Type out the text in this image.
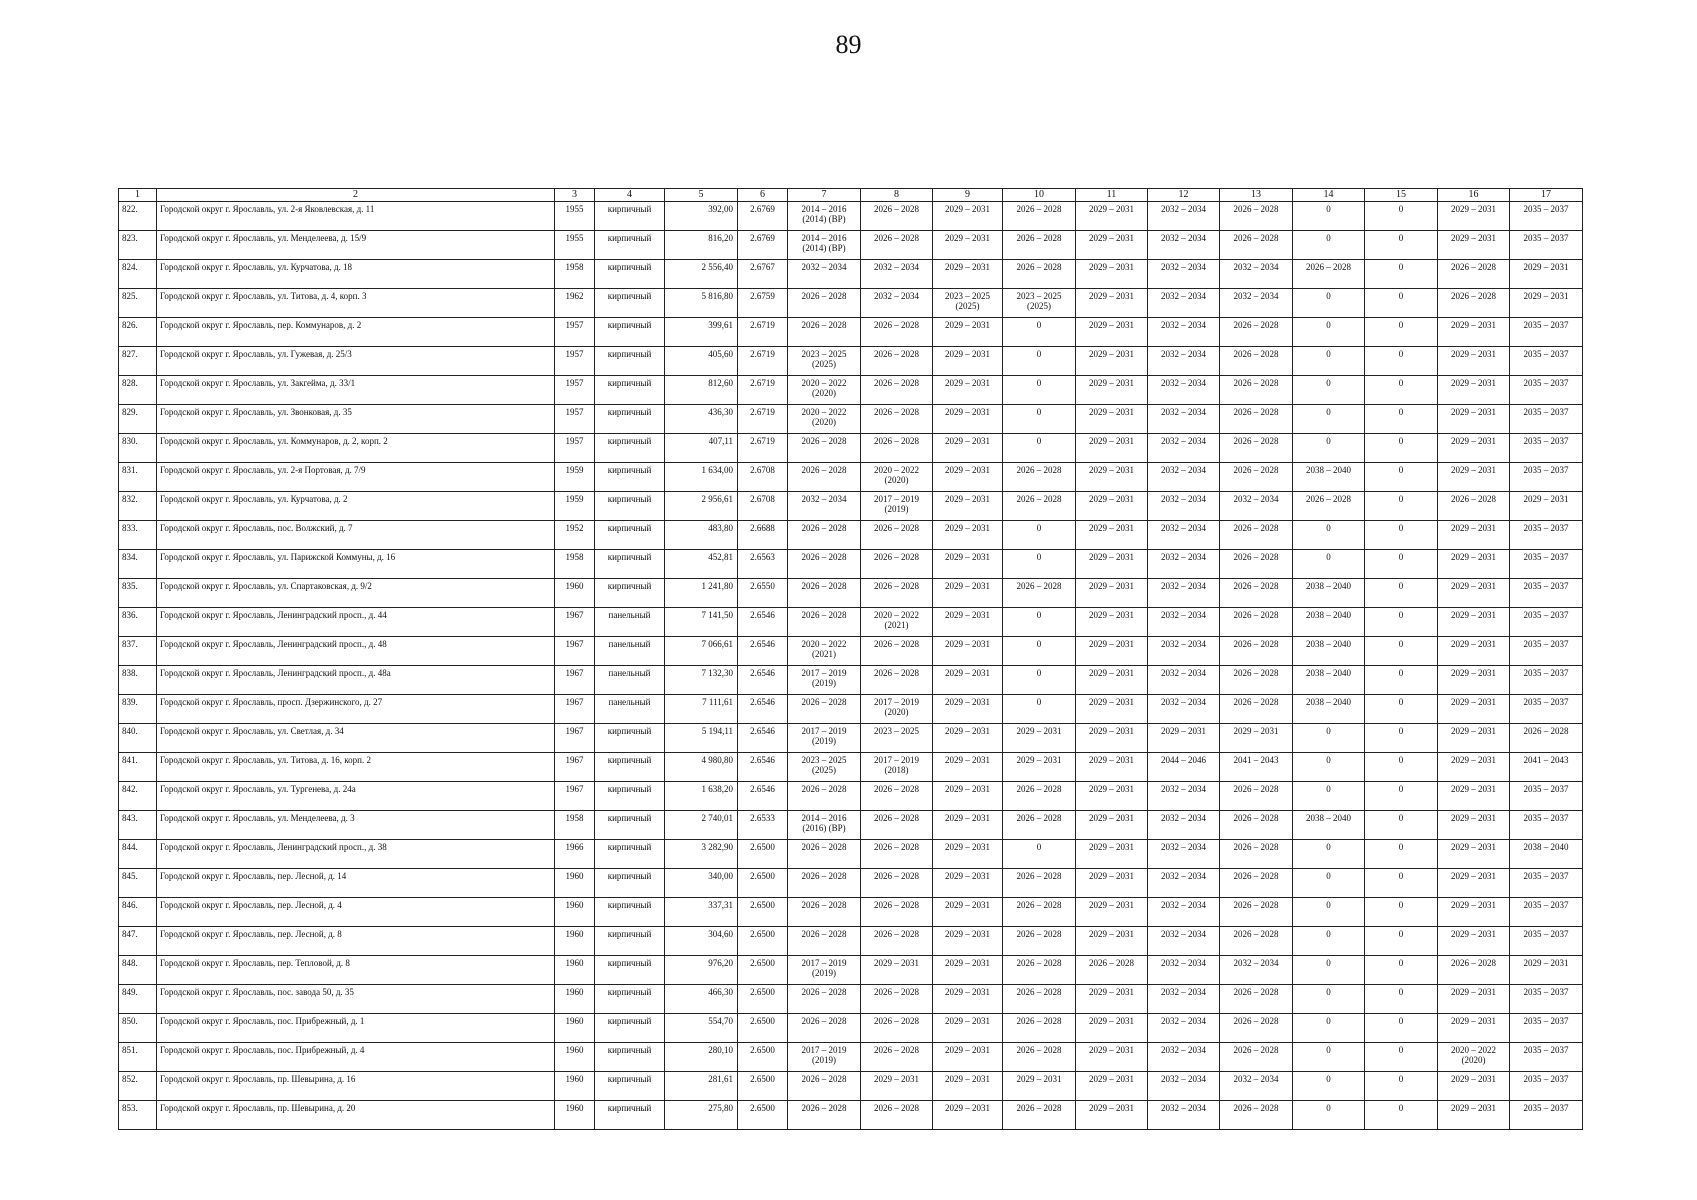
89
1	2	3	4	5	6	7	8	9	10	11	12	13	14	15	16	17
822.	Городской округ г. Ярославль, ул. 2-я Яковлевская, д. 11	1955	кирпичный	392,00	2.6769	2014 – 2016
(2014) (ВР)	2026 – 2028	2029 – 2031	2026 – 2028	2029 – 2031	2032 – 2034	2026 – 2028	0	0	2029 – 2031	2035 – 2037
823.	Городской округ г. Ярославль, ул. Менделеева, д. 15/9	1955	кирпичный	816,20	2.6769	2014 – 2016
(2014) (ВР)	2026 – 2028	2029 – 2031	2026 – 2028	2029 – 2031	2032 – 2034	2026 – 2028	0	0	2029 – 2031	2035 – 2037
824.	Городской округ г. Ярославль, ул. Курчатова, д. 18	1958	кирпичный	2 556,40	2.6767	2032 – 2034	2032 – 2034	2029 – 2031	2026 – 2028	2029 – 2031	2032 – 2034	2032 – 2034	2026 – 2028	0	2026 – 2028	2029 – 2031
825.	Городской округ г. Ярославль, ул. Титова, д. 4, корп. 3	1962	кирпичный	5 816,80	2.6759	2026 – 2028	2032 – 2034	2023 – 2025
(2025)	2023 – 2025
(2025)	2029 – 2031	2032 – 2034	2032 – 2034	0	0	2026 – 2028	2029 – 2031
826.	Городской округ г. Ярославль, пер. Коммунаров, д. 2	1957	кирпичный	399,61	2.6719	2026 – 2028	2026 – 2028	2029 – 2031	0	2029 – 2031	2032 – 2034	2026 – 2028	0	0	2029 – 2031	2035 – 2037
827.	Городской округ г. Ярославль, ул. Гужевая, д. 25/3	1957	кирпичный	405,60	2.6719	2023 – 2025
(2025)	2026 – 2028	2029 – 2031	0	2029 – 2031	2032 – 2034	2026 – 2028	0	0	2029 – 2031	2035 – 2037
828.	Городской округ г. Ярославль, ул. Закгейма, д. 33/1	1957	кирпичный	812,60	2.6719	2020 – 2022
(2020)	2026 – 2028	2029 – 2031	0	2029 – 2031	2032 – 2034	2026 – 2028	0	0	2029 – 2031	2035 – 2037
829.	Городской округ г. Ярославль, ул. Звонковая, д. 35	1957	кирпичный	436,30	2.6719	2020 – 2022
(2020)	2026 – 2028	2029 – 2031	0	2029 – 2031	2032 – 2034	2026 – 2028	0	0	2029 – 2031	2035 – 2037
830.	Городской округ г. Ярославль, ул. Коммунаров, д. 2, корп. 2	1957	кирпичный	407,11	2.6719	2026 – 2028	2026 – 2028	2029 – 2031	0	2029 – 2031	2032 – 2034	2026 – 2028	0	0	2029 – 2031	2035 – 2037
831.	Городской округ г. Ярославль, ул. 2-я Портовая, д. 7/9	1959	кирпичный	1 634,00	2.6708	2026 – 2028	2020 – 2022
(2020)	2029 – 2031	2026 – 2028	2029 – 2031	2032 – 2034	2026 – 2028	2038 – 2040	0	2029 – 2031	2035 – 2037
832.	Городской округ г. Ярославль, ул. Курчатова, д. 2	1959	кирпичный	2 956,61	2.6708	2032 – 2034	2017 – 2019
(2019)	2029 – 2031	2026 – 2028	2029 – 2031	2032 – 2034	2032 – 2034	2026 – 2028	0	2026 – 2028	2029 – 2031
833.	Городской округ г. Ярославль, пос. Волжский, д. 7	1952	кирпичный	483,80	2.6688	2026 – 2028	2026 – 2028	2029 – 2031	0	2029 – 2031	2032 – 2034	2026 – 2028	0	0	2029 – 2031	2035 – 2037
834.	Городской округ г. Ярославль, ул. Парижской Коммуны, д. 16	1958	кирпичный	452,81	2.6563	2026 – 2028	2026 – 2028	2029 – 2031	0	2029 – 2031	2032 – 2034	2026 – 2028	0	0	2029 – 2031	2035 – 2037
835.	Городской округ г. Ярославль, ул. Спартаковская, д. 9/2	1960	кирпичный	1 241,80	2.6550	2026 – 2028	2026 – 2028	2029 – 2031	2026 – 2028	2029 – 2031	2032 – 2034	2026 – 2028	2038 – 2040	0	2029 – 2031	2035 – 2037
836.	Городской округ г. Ярославль, Ленинградский просп., д. 44	1967	панельный	7 141,50	2.6546	2026 – 2028	2020 – 2022
(2021)	2029 – 2031	0	2029 – 2031	2032 – 2034	2026 – 2028	2038 – 2040	0	2029 – 2031	2035 – 2037
837.	Городской округ г. Ярославль, Ленинградский просп., д. 48	1967	панельный	7 066,61	2.6546	2020 – 2022
(2021)	2026 – 2028	2029 – 2031	0	2029 – 2031	2032 – 2034	2026 – 2028	2038 – 2040	0	2029 – 2031	2035 – 2037
838.	Городской округ г. Ярославль, Ленинградский просп., д. 48а	1967	панельный	7 132,30	2.6546	2017 – 2019
(2019)	2026 – 2028	2029 – 2031	0	2029 – 2031	2032 – 2034	2026 – 2028	2038 – 2040	0	2029 – 2031	2035 – 2037
839.	Городской округ г. Ярославль, просп. Дзержинского, д. 27	1967	панельный	7 111,61	2.6546	2026 – 2028	2017 – 2019
(2020)	2029 – 2031	0	2029 – 2031	2032 – 2034	2026 – 2028	2038 – 2040	0	2029 – 2031	2035 – 2037
840.	Городской округ г. Ярославль, ул. Светлая, д. 34	1967	кирпичный	5 194,11	2.6546	2017 – 2019
(2019)	2023 – 2025	2029 – 2031	2029 – 2031	2029 – 2031	2029 – 2031	2029 – 2031	0	0	2029 – 2031	2026 – 2028
841.	Городской округ г. Ярославль, ул. Титова, д. 16, корп. 2	1967	кирпичный	4 980,80	2.6546	2023 – 2025
(2025)	2017 – 2019
(2018)	2029 – 2031	2029 – 2031	2029 – 2031	2044 – 2046	2041 – 2043	0	0	2029 – 2031	2041 – 2043
842.	Городской округ г. Ярославль, ул. Тургенева, д. 24а	1967	кирпичный	1 638,20	2.6546	2026 – 2028	2026 – 2028	2029 – 2031	2026 – 2028	2029 – 2031	2032 – 2034	2026 – 2028	0	0	2029 – 2031	2035 – 2037
843.	Городской округ г. Ярославль, ул. Менделеева, д. 3	1958	кирпичный	2 740,01	2.6533	2014 – 2016
(2016) (ВР)	2026 – 2028	2029 – 2031	2026 – 2028	2029 – 2031	2032 – 2034	2026 – 2028	2038 – 2040	0	2029 – 2031	2035 – 2037
844.	Городской округ г. Ярославль, Ленинградский просп., д. 38	1966	кирпичный	3 282,90	2.6500	2026 – 2028	2026 – 2028	2029 – 2031	0	2029 – 2031	2032 – 2034	2026 – 2028	0	0	2029 – 2031	2038 – 2040
845.	Городской округ г. Ярославль, пер. Лесной, д. 14	1960	кирпичный	340,00	2.6500	2026 – 2028	2026 – 2028	2029 – 2031	2026 – 2028	2029 – 2031	2032 – 2034	2026 – 2028	0	0	2029 – 2031	2035 – 2037
846.	Городской округ г. Ярославль, пер. Лесной, д. 4	1960	кирпичный	337,31	2.6500	2026 – 2028	2026 – 2028	2029 – 2031	2026 – 2028	2029 – 2031	2032 – 2034	2026 – 2028	0	0	2029 – 2031	2035 – 2037
847.	Городской округ г. Ярославль, пер. Лесной, д. 8	1960	кирпичный	304,60	2.6500	2026 – 2028	2026 – 2028	2029 – 2031	2026 – 2028	2029 – 2031	2032 – 2034	2026 – 2028	0	0	2029 – 2031	2035 – 2037
848.	Городской округ г. Ярославль, пер. Тепловой, д. 8	1960	кирпичный	976,20	2.6500	2017 – 2019
(2019)	2029 – 2031	2029 – 2031	2026 – 2028	2026 – 2028	2032 – 2034	2032 – 2034	0	0	2026 – 2028	2029 – 2031
849.	Городской округ г. Ярославль, пос. завода 50, д. 35	1960	кирпичный	466,30	2.6500	2026 – 2028	2026 – 2028	2029 – 2031	2026 – 2028	2029 – 2031	2032 – 2034	2026 – 2028	0	0	2029 – 2031	2035 – 2037
850.	Городской округ г. Ярославль, пос. Прибрежный, д. 1	1960	кирпичный	554,70	2.6500	2026 – 2028	2026 – 2028	2029 – 2031	2026 – 2028	2029 – 2031	2032 – 2034	2026 – 2028	0	0	2029 – 2031	2035 – 2037
851.	Городской округ г. Ярославль, пос. Прибрежный, д. 4	1960	кирпичный	280,10	2.6500	2017 – 2019
(2019)	2026 – 2028	2029 – 2031	2026 – 2028	2029 – 2031	2032 – 2034	2026 – 2028	0	0	2020 – 2022
(2020)	2035 – 2037
852.	Городской округ г. Ярославль, пр. Шевырина, д. 16	1960	кирпичный	281,61	2.6500	2026 – 2028	2029 – 2031	2029 – 2031	2029 – 2031	2029 – 2031	2032 – 2034	2032 – 2034	0	0	2029 – 2031	2035 – 2037
853.	Городской округ г. Ярославль, пр. Шевырина, д. 20	1960	кирпичный	275,80	2.6500	2026 – 2028	2026 – 2028	2029 – 2031	2026 – 2028	2029 – 2031	2032 – 2034	2026 – 2028	0	0	2029 – 2031	2035 – 2037
